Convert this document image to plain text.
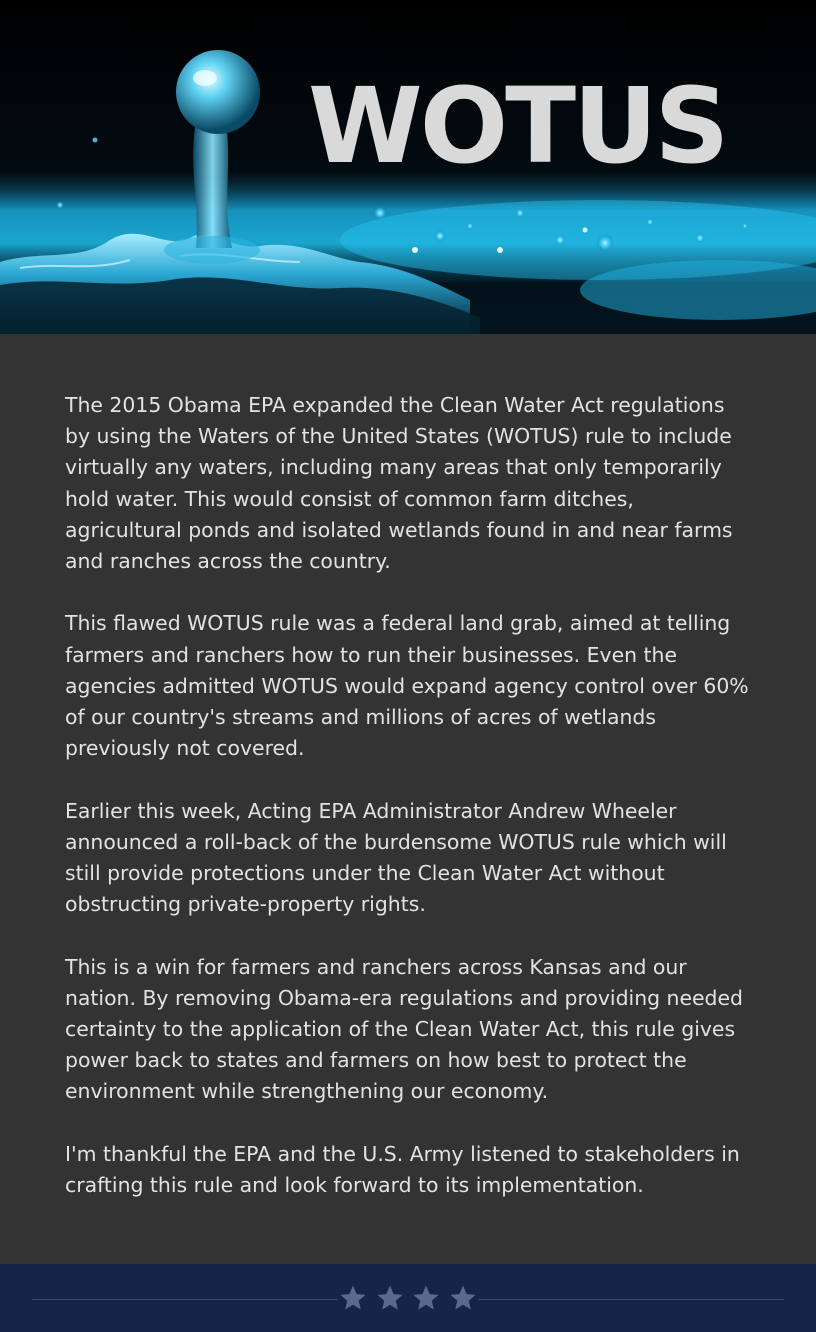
WOTUS

The 2015 Obama EPA expanded the Clean Water Act regulations by using the Waters of the United States (WOTUS) rule to include virtually any waters, including many areas that only temporarily hold water. This would consist of common farm ditches, agricultural ponds and isolated wetlands found in and near farms and ranches across the country.

This flawed WOTUS rule was a federal land grab, aimed at telling farmers and ranchers how to run their businesses. Even the agencies admitted WOTUS would expand agency control over 60% of our country's streams and millions of acres of wetlands previously not covered.

Earlier this week, Acting EPA Administrator Andrew Wheeler announced a roll-back of the burdensome WOTUS rule which will still provide protections under the Clean Water Act without obstructing private-property rights.

This is a win for farmers and ranchers across Kansas and our nation. By removing Obama-era regulations and providing needed certainty to the application of the Clean Water Act, this rule gives power back to states and farmers on how best to protect the environment while strengthening our economy.

I'm thankful the EPA and the U.S. Army listened to stakeholders in crafting this rule and look forward to its implementation.
